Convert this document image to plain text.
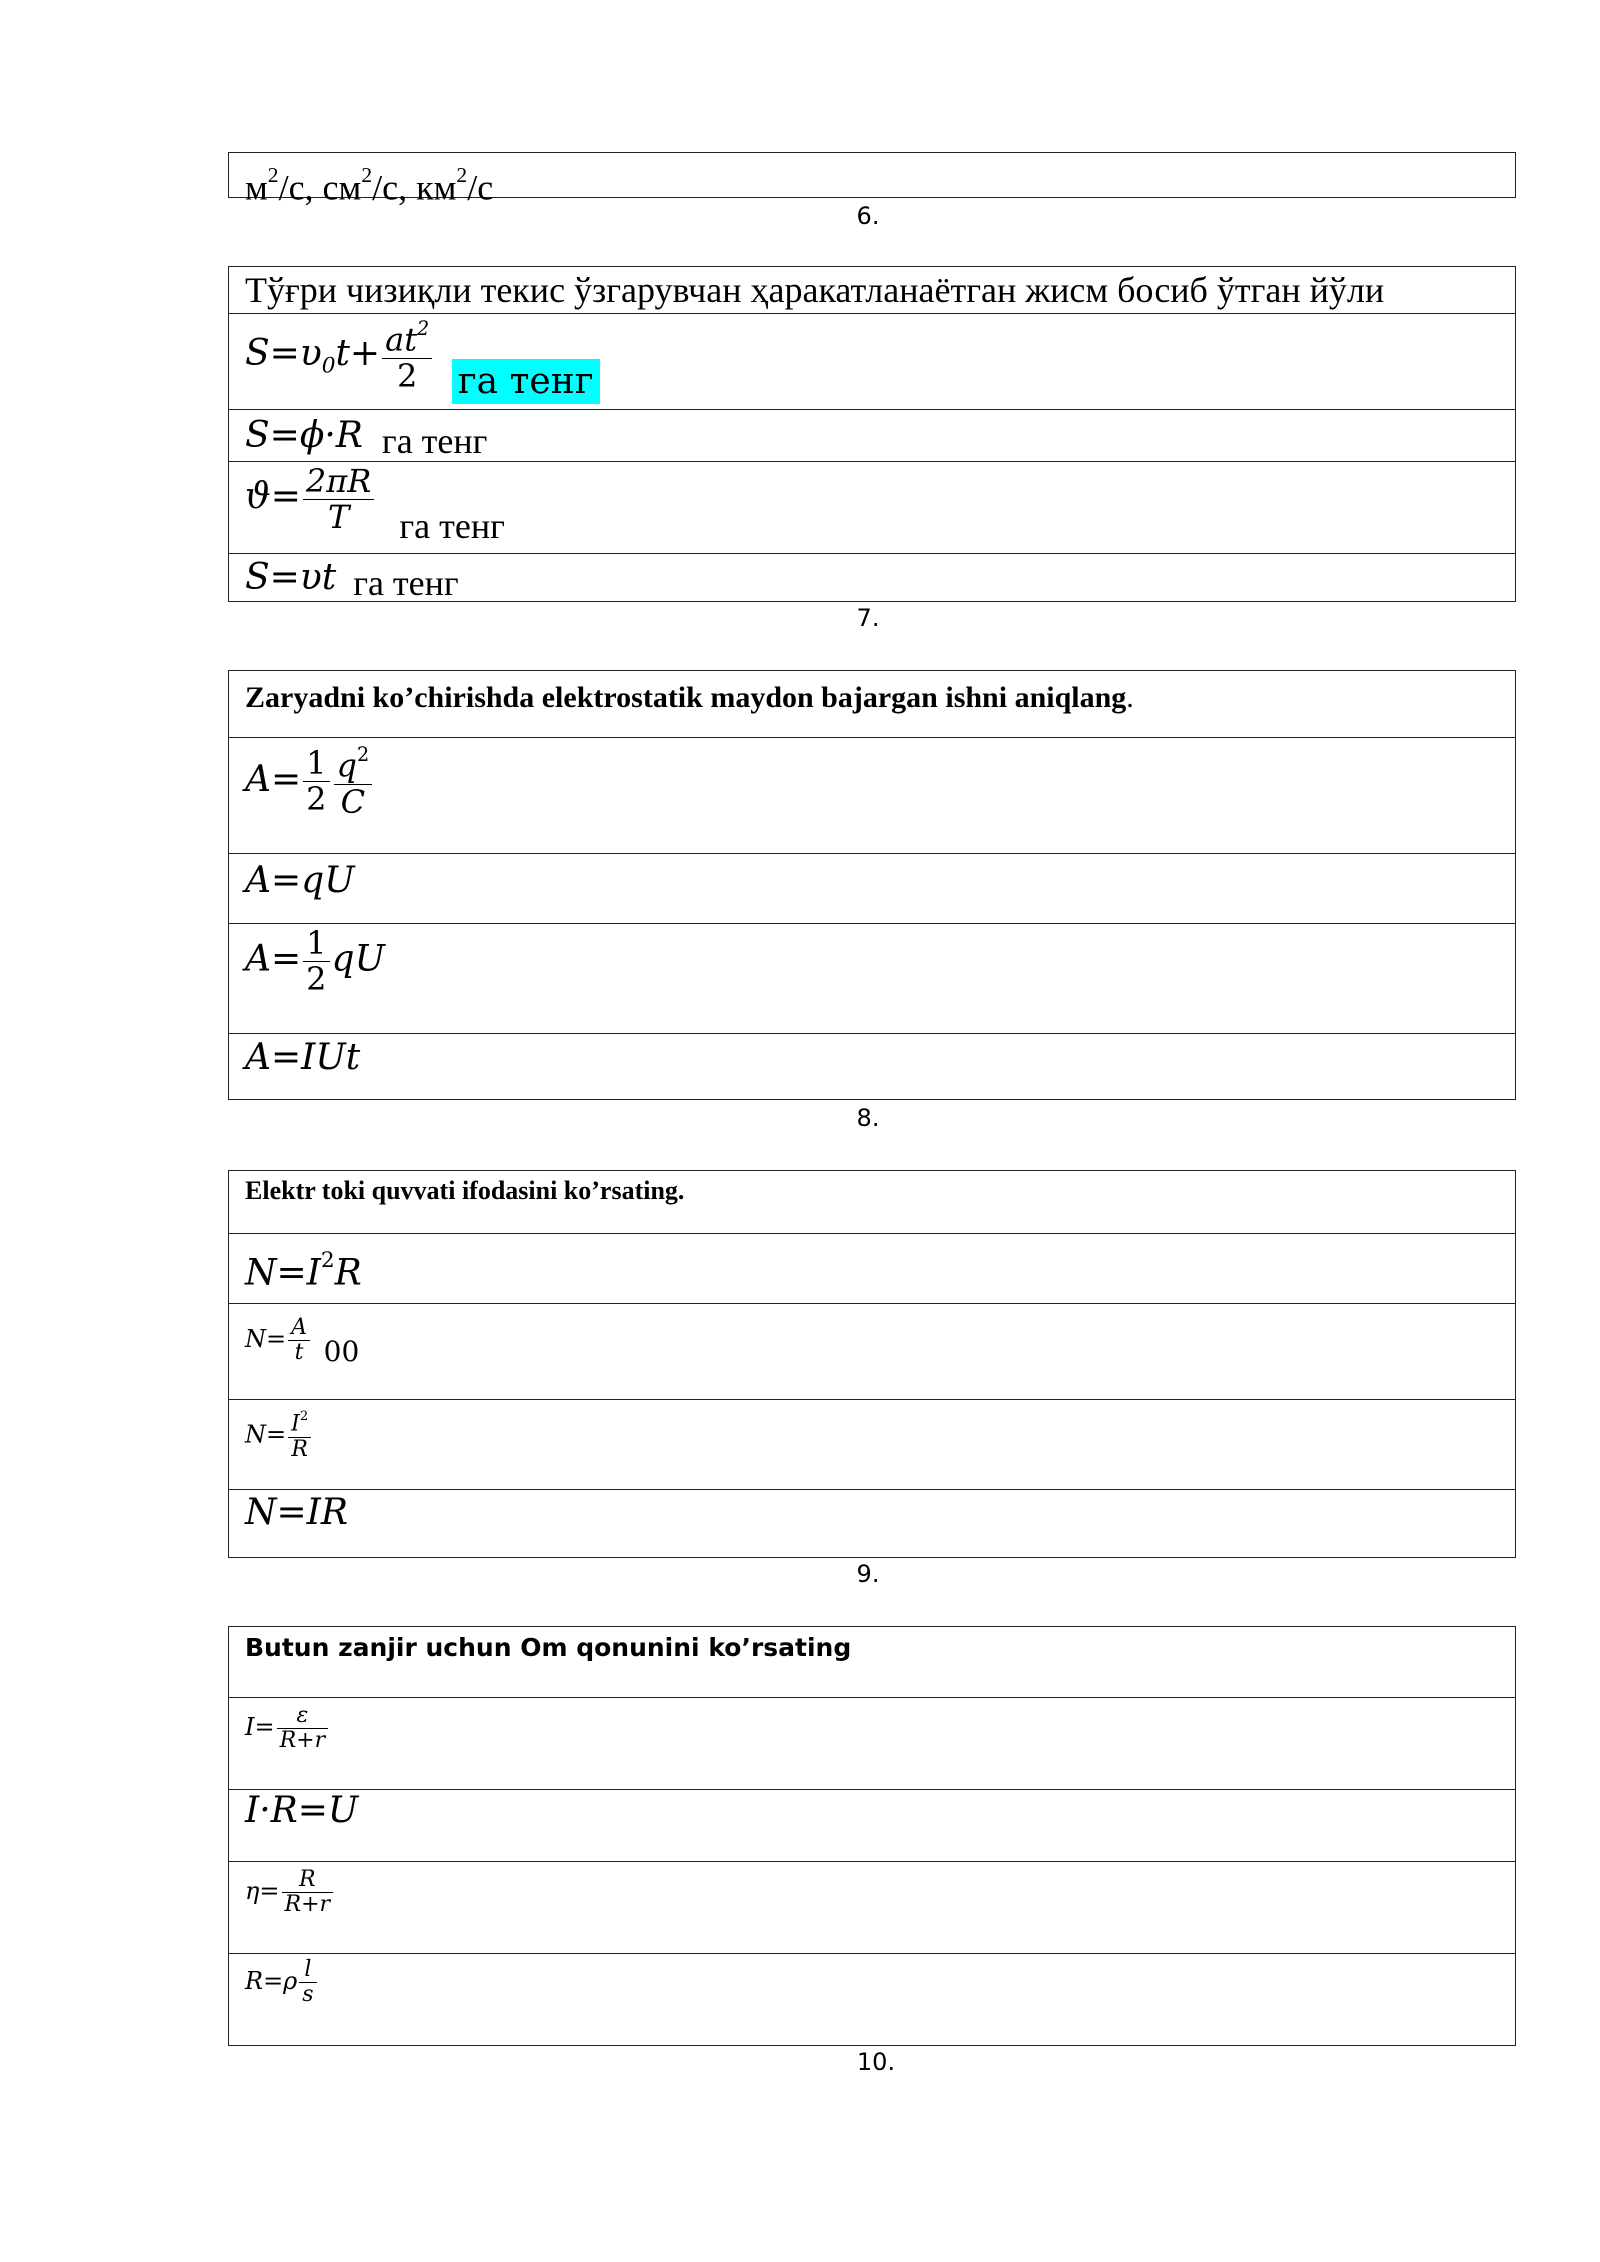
$м^2/с$, $см^2/с$, $км^2/с$
6.
Тўғри чизиқли текис ўзгарувчан ҳаракатланаётган жисм босиб ўтган йўли
$S=\upsilon_0t+ \frac{at^2}{2}$ га тенг
S=ϕ·R га тенг
$ϑ= \frac{2\pi R}{T}$ га тенг
S=υt га тенг
7.
Zaryadni ko’chirishda elektrostatik maydon bajargan ishni aniqlang.
$A= \frac{1}{2} \frac{q^2}{C}$
A=qU
$A= \frac{1}{2}$ qU
A=IUt
8.
Elektr toki quvvati ifodasini ko’rsating.
$N=I^2R$
$N= \frac{A}{t} 00$
$N= \frac{I^2}{R}$
N=IR
9.
Butun zanjir uchun Om qonunini ko’rsating
$I= \frac{\varepsilon}{R+r}$
I·R=U
$\eta= \frac{R}{R+r}$
$R=\rho \frac{l}{s}$
10.
